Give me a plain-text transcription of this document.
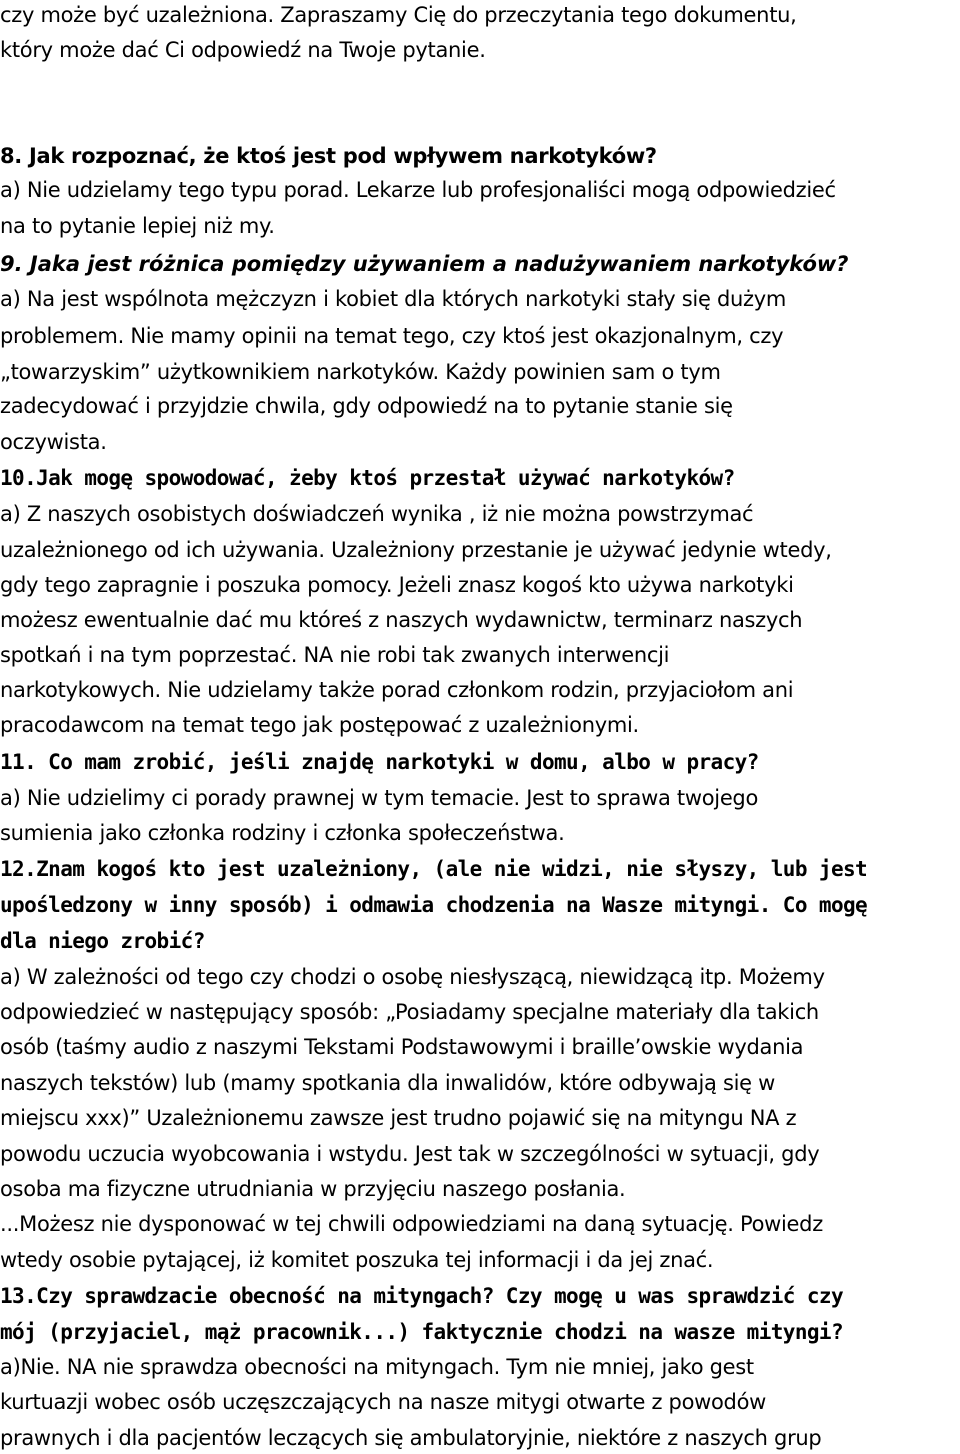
czy może być uzależniona. Zapraszamy Cię do przeczytania tego dokumentu,
który może dać Ci odpowiedź na Twoje pytanie.
8. Jak rozpoznać, że ktoś jest pod wpływem narkotyków?
a) Nie udzielamy tego typu porad. Lekarze lub profesjonaliści mogą odpowiedzieć
na to pytanie lepiej niż my.
9. Jaka jest różnica pomiędzy używaniem a nadużywaniem narkotyków?
a) Na jest wspólnota mężczyzn i kobiet dla których narkotyki stały się dużym
problemem. Nie mamy opinii na temat tego, czy ktoś jest okazjonalnym, czy
„towarzyskim” użytkownikiem narkotyków. Każdy powinien sam o tym
zadecydować i przyjdzie chwila, gdy odpowiedź na to pytanie stanie się
oczywista.
10.Jak mogę spowodować, żeby ktoś przestał używać narkotyków?
a) Z naszych osobistych doświadczeń wynika , iż nie można powstrzymać
uzależnionego od ich używania. Uzależniony przestanie je używać jedynie wtedy,
gdy tego zapragnie i poszuka pomocy. Jeżeli znasz kogoś kto używa narkotyki
możesz ewentualnie dać mu któreś z naszych wydawnictw, terminarz naszych
spotkań i na tym poprzestać. NA nie robi tak zwanych interwencji
narkotykowych. Nie udzielamy także porad członkom rodzin, przyjaciołom ani
pracodawcom na temat tego jak postępować z uzależnionymi.
11. Co mam zrobić, jeśli znajdę narkotyki w domu, albo w pracy?
a) Nie udzielimy ci porady prawnej w tym temacie. Jest to sprawa twojego
sumienia jako członka rodziny i członka społeczeństwa.
12.Znam kogoś kto jest uzależniony, (ale nie widzi, nie słyszy, lub jest
upośledzony w inny sposób) i odmawia chodzenia na Wasze mityngi. Co mogę
dla niego zrobić?
a) W zależności od tego czy chodzi o osobę niesłyszącą, niewidzącą itp. Możemy
odpowiedzieć w następujący sposób: „Posiadamy specjalne materiały dla takich
osób (taśmy audio z naszymi Tekstami Podstawowymi i braille’owskie wydania
naszych tekstów) lub (mamy spotkania dla inwalidów, które odbywają się w
miejscu xxx)” Uzależnionemu zawsze jest trudno pojawić się na mityngu NA z
powodu uczucia wyobcowania i wstydu. Jest tak w szczególności w sytuacji, gdy
osoba ma fizyczne utrudniania w przyjęciu naszego posłania.
...Możesz nie dysponować w tej chwili odpowiedziami na daną sytuację. Powiedz
wtedy osobie pytającej, iż komitet poszuka tej informacji i da jej znać.
13.Czy sprawdzacie obecność na mityngach? Czy mogę u was sprawdzić czy
mój (przyjaciel, mąż pracownik...) faktycznie chodzi na wasze mityngi?
a)Nie. NA nie sprawdza obecności na mityngach. Tym nie mniej, jako gest
kurtuazji wobec osób uczęszczających na nasze mitygi otwarte z powodów
prawnych i dla pacjentów leczących się ambulatoryjnie, niektóre z naszych grup
